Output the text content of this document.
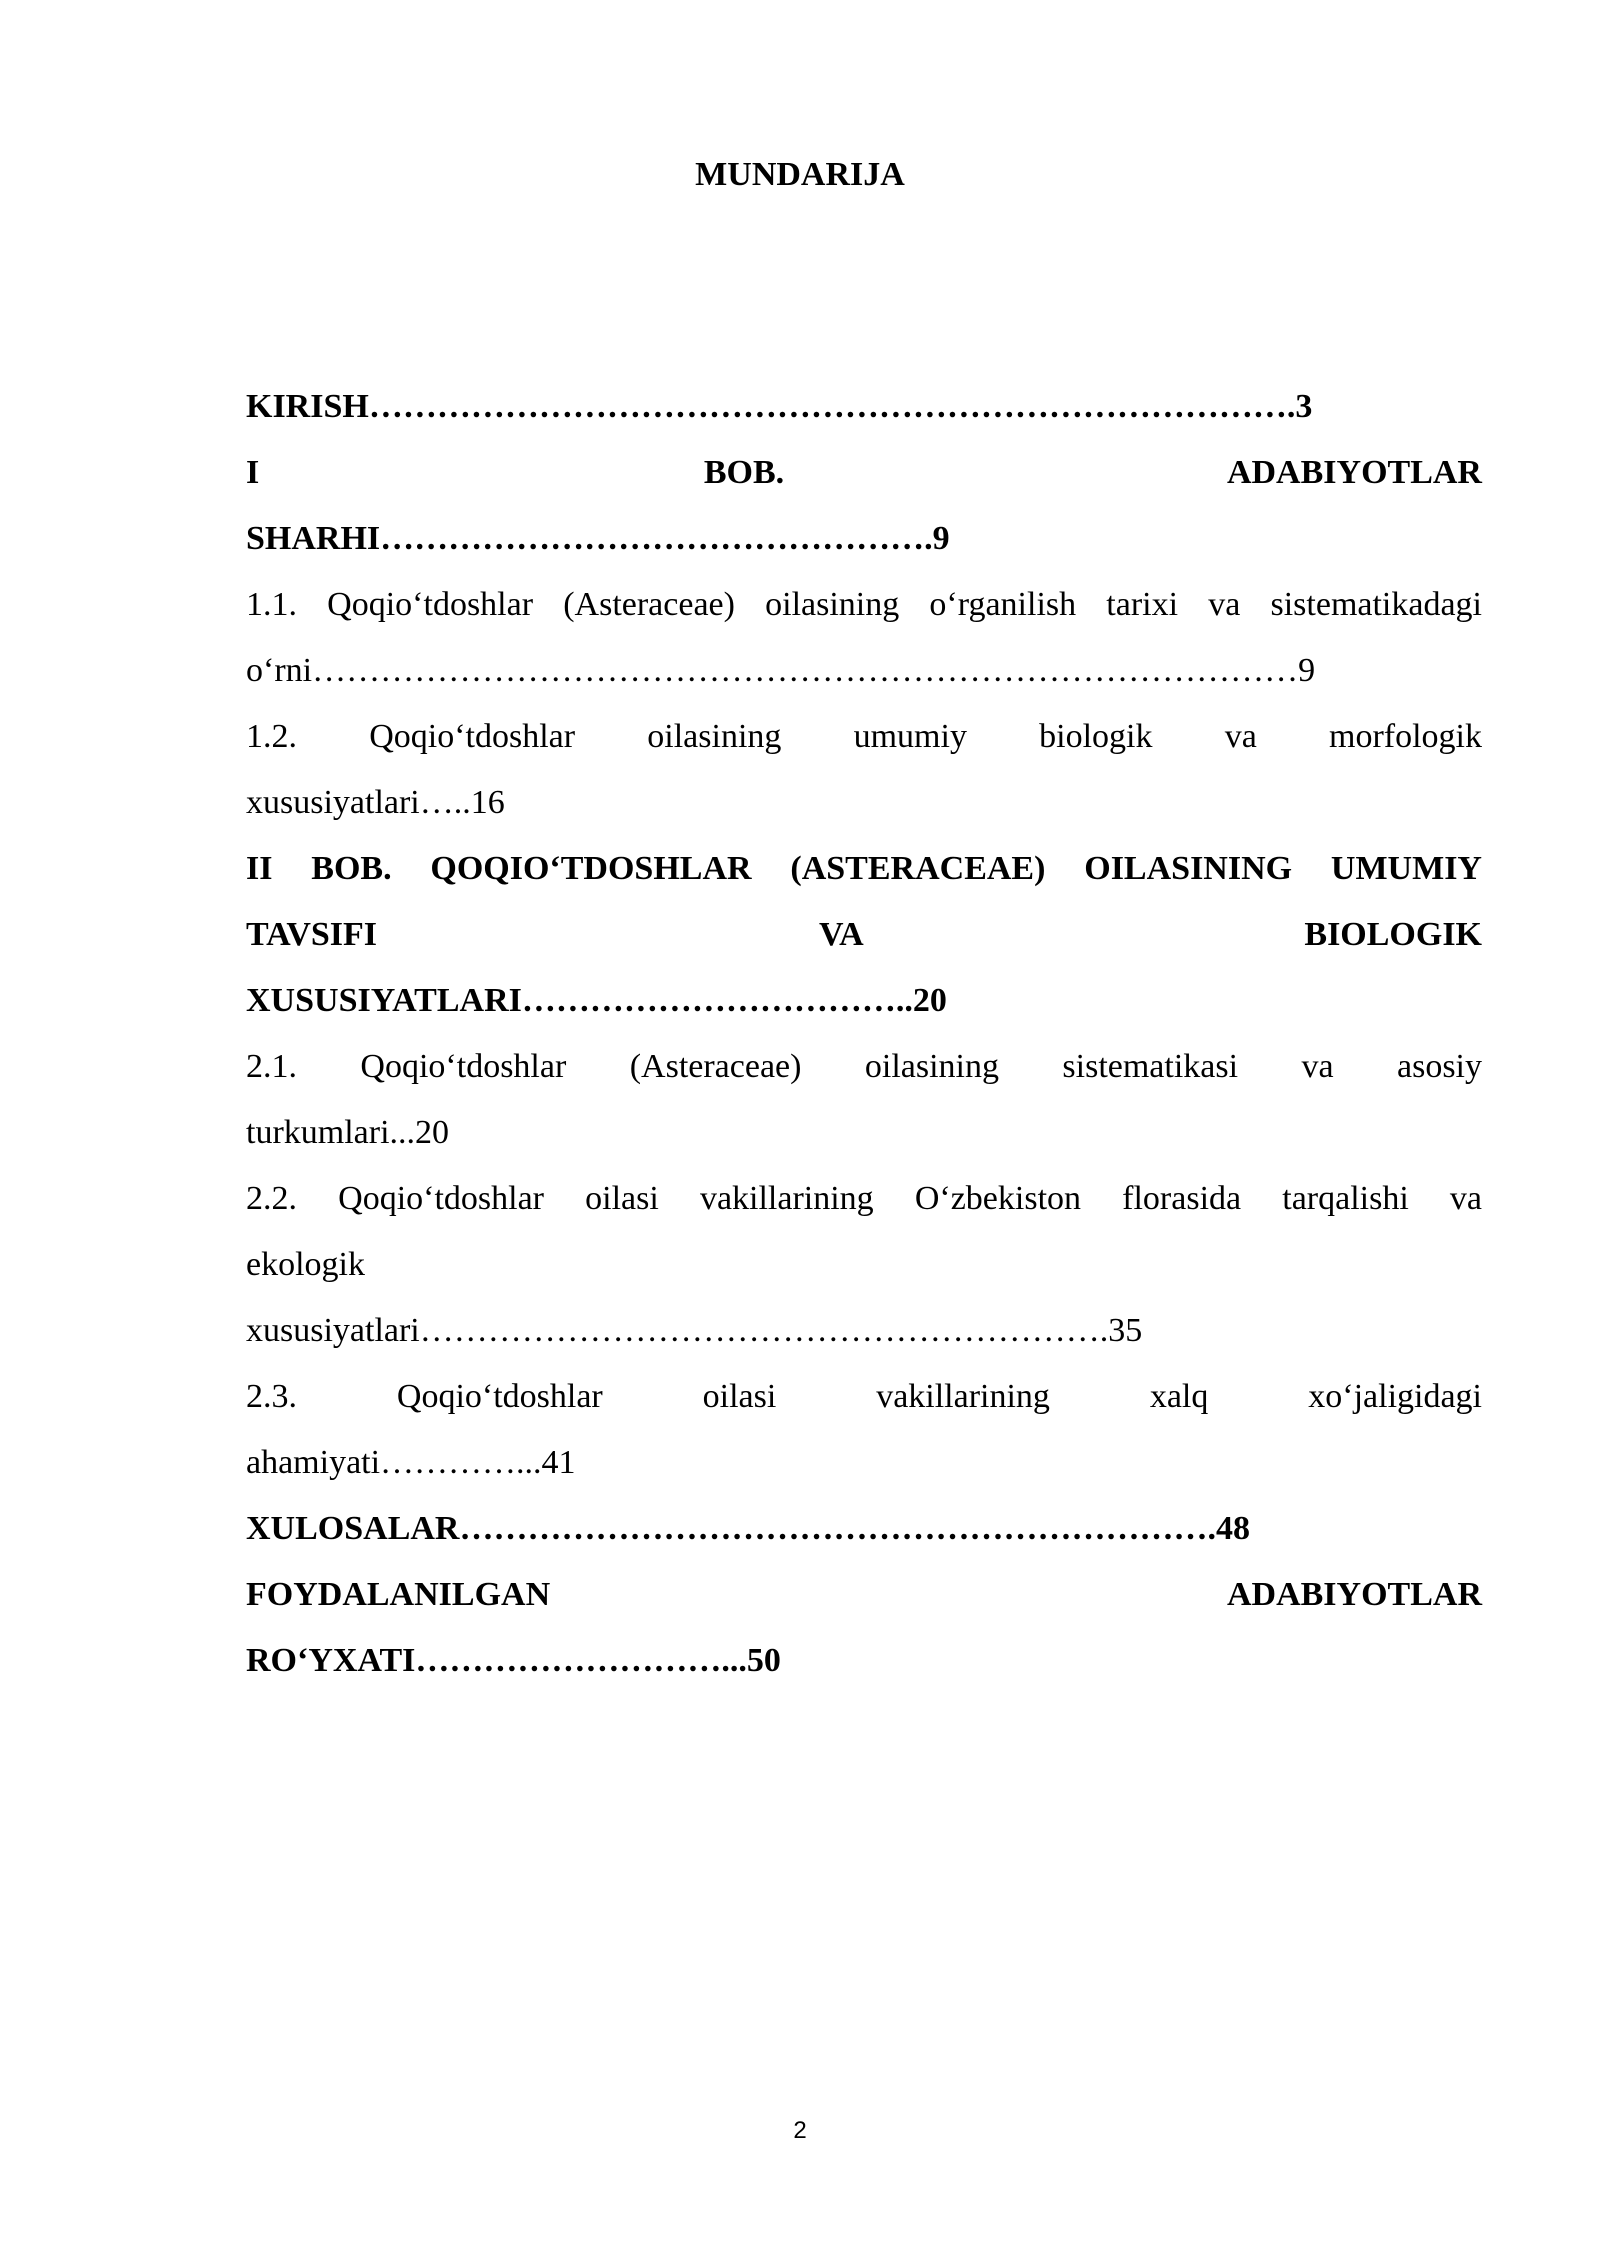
MUNDARIJA
KIRISH……………………………………………………………………….3
I BOB. ADABIYOTLAR
SHARHI………………………………………….9
1.1. Qoqio‘tdoshlar (Asteraceae) oilasining o‘rganilish tarixi va sistematikadagi
o‘rni……………………………………………………………………………9
1.2. Qoqio‘tdoshlar oilasining umumiy biologik va morfologik
xususiyatlari…..16
II BOB. QOQIO‘TDOSHLAR (ASTERACEAE) OILASINING UMUMIY
TAVSIFI VA BIOLOGIK
XUSUSIYATLARI……………………………..20
2.1. Qoqio‘tdoshlar (Asteraceae) oilasining sistematikasi va asosiy
turkumlari...20
2.2. Qoqio‘tdoshlar oilasi vakillarining O‘zbekiston florasida tarqalishi va
ekologik
xususiyatlari…………………………………………………….35
2.3. Qoqio‘tdoshlar oilasi vakillarining xalq xo‘jaligidagi
ahamiyati…………...41
XULOSALAR………………………………………………………….48
FOYDALANILGAN ADABIYOTLAR
RO‘YXATI………………………...50
2
